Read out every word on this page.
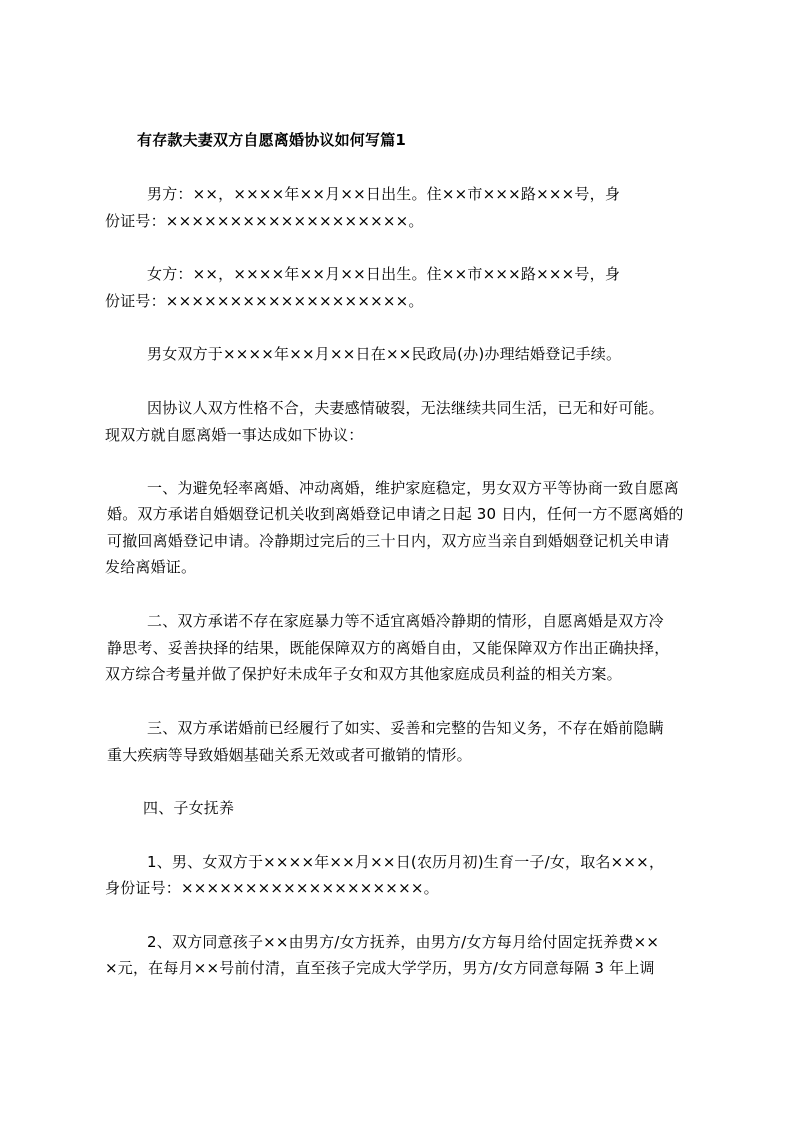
有存款夫妻双方自愿离婚协议如何写篇1
男方：××，××××年××月××日出生。住××市×××路×××号，身
份证号：×××××××××××××××××××。
女方：××，××××年××月××日出生。住××市×××路×××号，身
份证号：×××××××××××××××××××。
男女双方于××××年××月××日在××民政局(办)办理结婚登记手续。
因协议人双方性格不合，夫妻感情破裂，无法继续共同生活，已无和好可能。
现双方就自愿离婚一事达成如下协议：
一、为避免轻率离婚、冲动离婚，维护家庭稳定，男女双方平等协商一致自愿离
婚。双方承诺自婚姻登记机关收到离婚登记申请之日起 30 日内，任何一方不愿离婚的
可撤回离婚登记申请。冷静期过完后的三十日内，双方应当亲自到婚姻登记机关申请
发给离婚证。
二、双方承诺不存在家庭暴力等不适宜离婚冷静期的情形，自愿离婚是双方冷
静思考、妥善抉择的结果，既能保障双方的离婚自由，又能保障双方作出正确抉择，
双方综合考量并做了保护好未成年子女和双方其他家庭成员利益的相关方案。
三、双方承诺婚前已经履行了如实、妥善和完整的告知义务，不存在婚前隐瞒
重大疾病等导致婚姻基础关系无效或者可撤销的情形。
四、子女抚养
1、男、女双方于××××年××月××日(农历月初)生育一子/女，取名×××，
身份证号：×××××××××××××××××××。
2、双方同意孩子××由男方/女方抚养，由男方/女方每月给付固定抚养费××
×元，在每月××号前付清，直至孩子完成大学学历，男方/女方同意每隔 3 年上调
